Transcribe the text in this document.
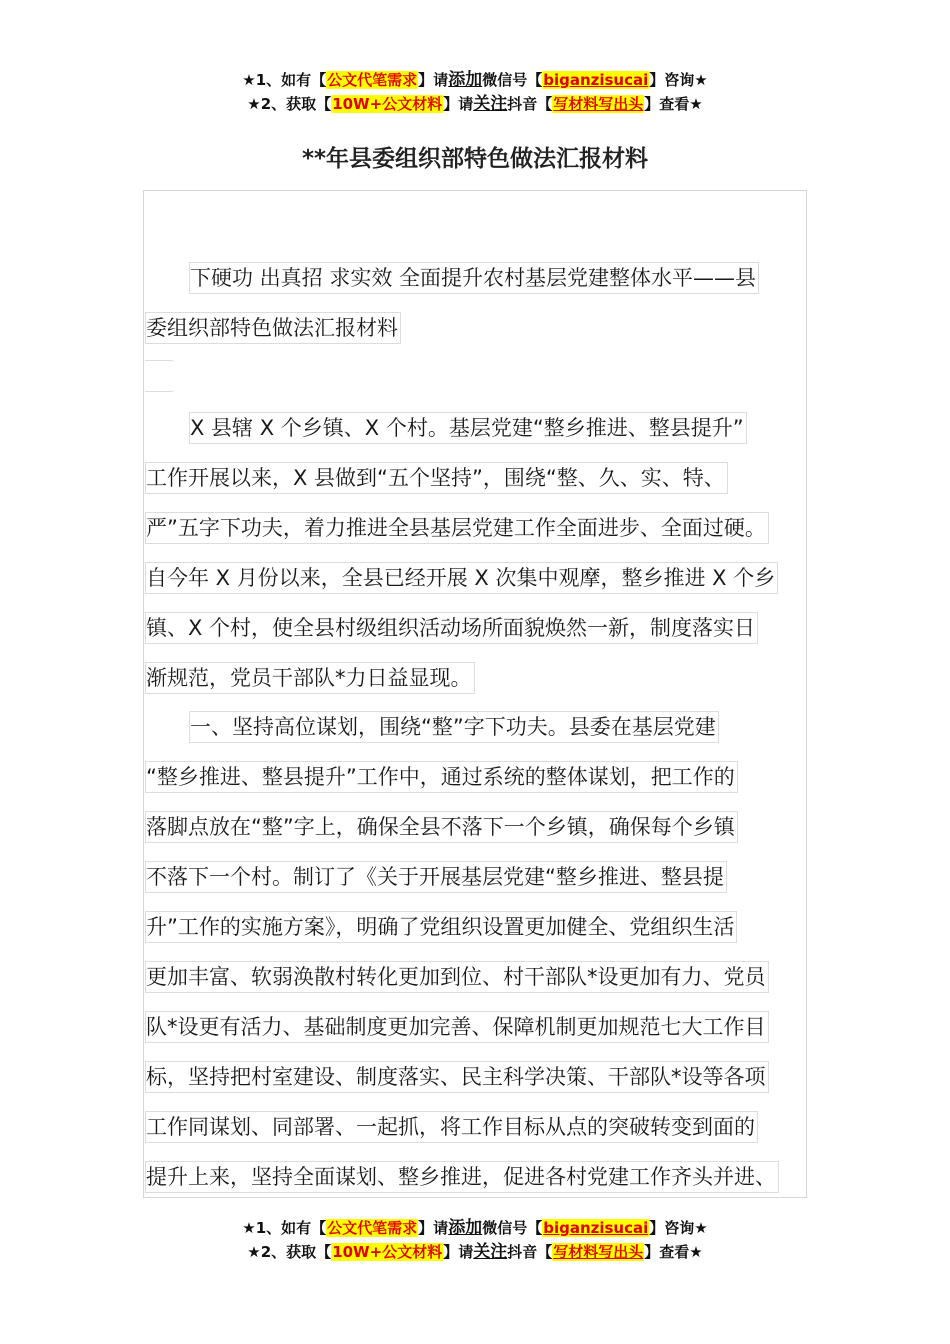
★1、如有【公文代笔需求】请添加微信号【biganzisucai】咨询★
★2、获取【10W+公文材料】请关注抖音【写材料写出头】查看★
**年县委组织部特色做法汇报材料
下硬功 出真招 求实效 全面提升农村基层党建整体水平——县
委组织部特色做法汇报材料
X 县辖 X 个乡镇、X 个村。基层党建“整乡推进、整县提升”
工作开展以来，X 县做到“五个坚持”，围绕“整、久、实、特、
严”五字下功夫，着力推进全县基层党建工作全面进步、全面过硬。
自今年 X 月份以来，全县已经开展 X 次集中观摩，整乡推进 X 个乡
镇、X 个村，使全县村级组织活动场所面貌焕然一新，制度落实日
渐规范，党员干部队*力日益显现。
一、坚持高位谋划，围绕“整”字下功夫。县委在基层党建
“整乡推进、整县提升”工作中，通过系统的整体谋划，把工作的
落脚点放在“整”字上，确保全县不落下一个乡镇，确保每个乡镇
不落下一个村。制订了《关于开展基层党建“整乡推进、整县提
升”工作的实施方案》，明确了党组织设置更加健全、党组织生活
更加丰富、软弱涣散村转化更加到位、村干部队*设更加有力、党员
队*设更有活力、基础制度更加完善、保障机制更加规范七大工作目
标，坚持把村室建设、制度落实、民主科学决策、干部队*设等各项
工作同谋划、同部署、一起抓，将工作目标从点的突破转变到面的
提升上来，坚持全面谋划、整乡推进，促进各村党建工作齐头并进、
★1、如有【公文代笔需求】请添加微信号【biganzisucai】咨询★
★2、获取【10W+公文材料】请关注抖音【写材料写出头】查看★
